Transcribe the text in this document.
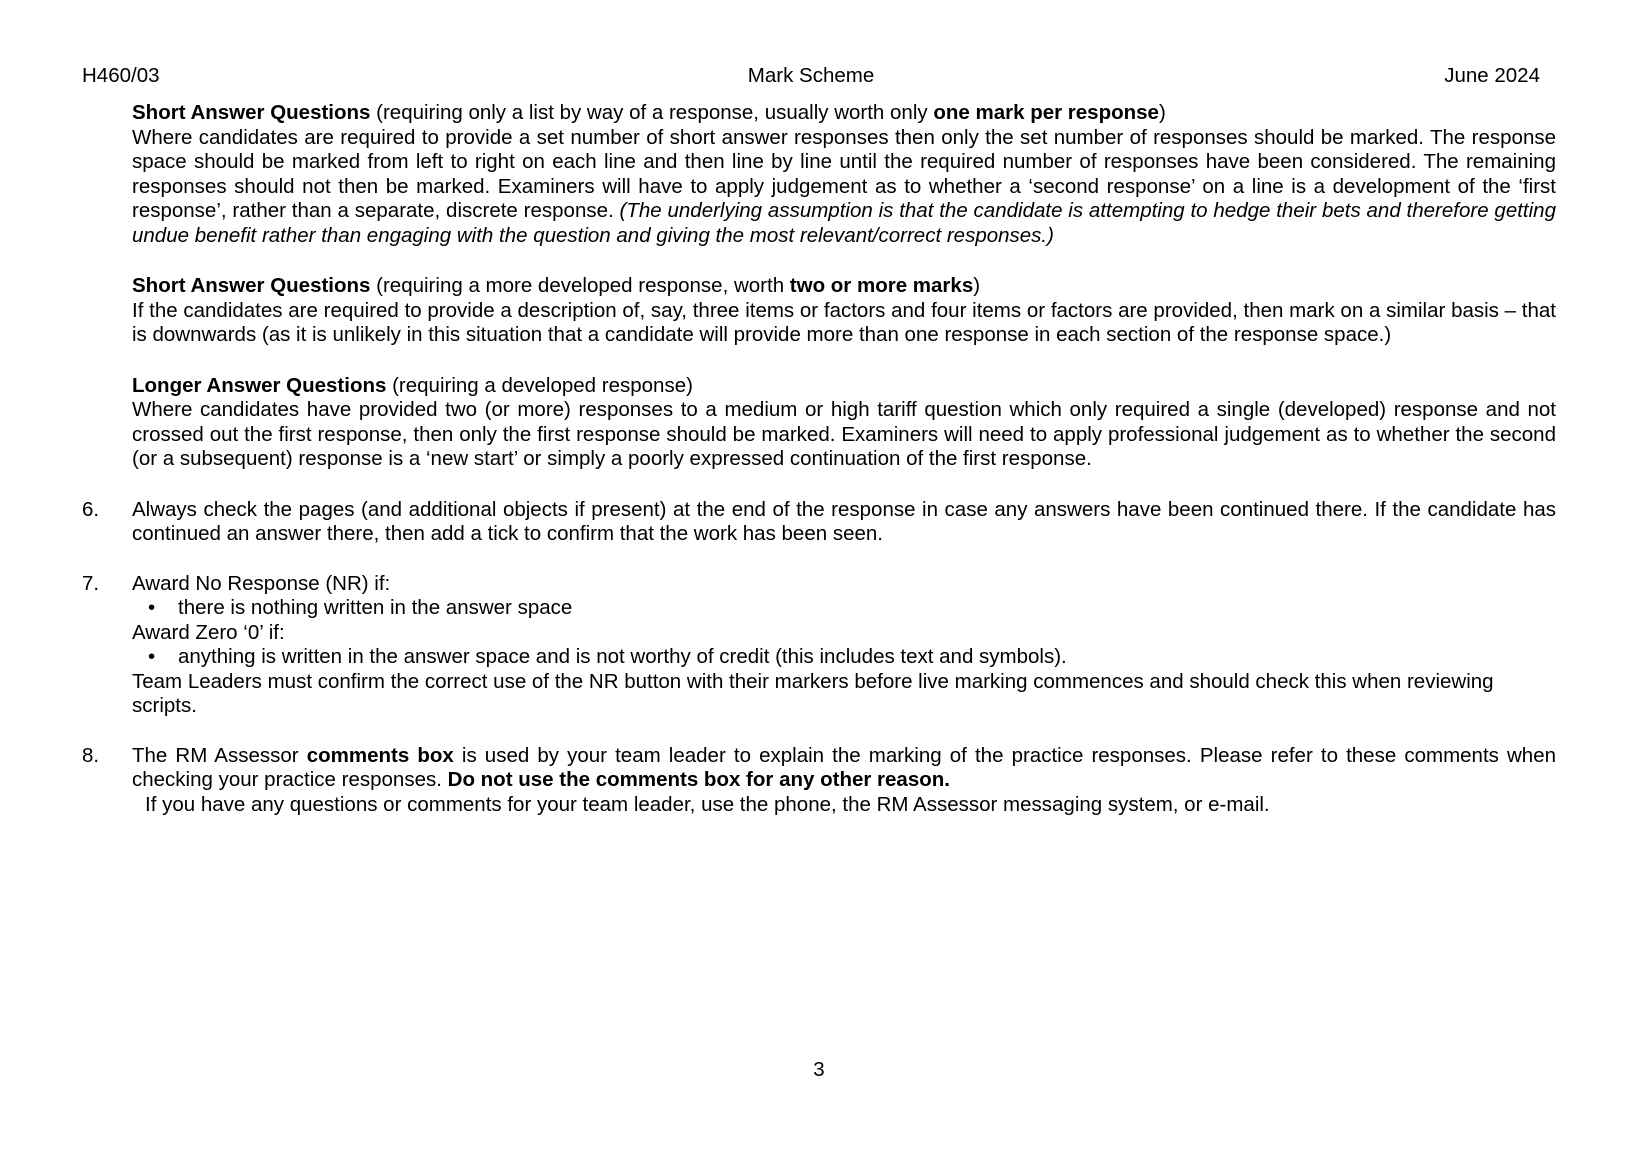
H460/03	Mark Scheme	June 2024
Short Answer Questions (requiring only a list by way of a response, usually worth only one mark per response)

Where candidates are required to provide a set number of short answer responses then only the set number of responses should be marked. The response space should be marked from left to right on each line and then line by line until the required number of responses have been considered. The remaining responses should not then be marked. Examiners will have to apply judgement as to whether a ‘second response’ on a line is a development of the ‘first response’, rather than a separate, discrete response. (The underlying assumption is that the candidate is attempting to hedge their bets and therefore getting undue benefit rather than engaging with the question and giving the most relevant/correct responses.)

Short Answer Questions (requiring a more developed response, worth two or more marks)

If the candidates are required to provide a description of, say, three items or factors and four items or factors are provided, then mark on a similar basis – that is downwards (as it is unlikely in this situation that a candidate will provide more than one response in each section of the response space.)

Longer Answer Questions (requiring a developed response)

Where candidates have provided two (or more) responses to a medium or high tariff question which only required a single (developed) response and not crossed out the first response, then only the first response should be marked. Examiners will need to apply professional judgement as to whether the second (or a subsequent) response is a ‘new start’ or simply a poorly expressed continuation of the first response.

6.	Always check the pages (and additional objects if present) at the end of the response in case any answers have been continued there. If the candidate has continued an answer there, then add a tick to confirm that the work has been seen.

7.	Award No Response (NR) if:
• there is nothing written in the answer space
Award Zero ‘0’ if:
• anything is written in the answer space and is not worthy of credit (this includes text and symbols).
Team Leaders must confirm the correct use of the NR button with their markers before live marking commences and should check this when reviewing scripts.
8.	The RM Assessor comments box is used by your team leader to explain the marking of the practice responses. Please refer to these comments when checking your practice responses. Do not use the comments box for any other reason.

If you have any questions or comments for your team leader, use the phone, the RM Assessor messaging system, or e-mail.
3
